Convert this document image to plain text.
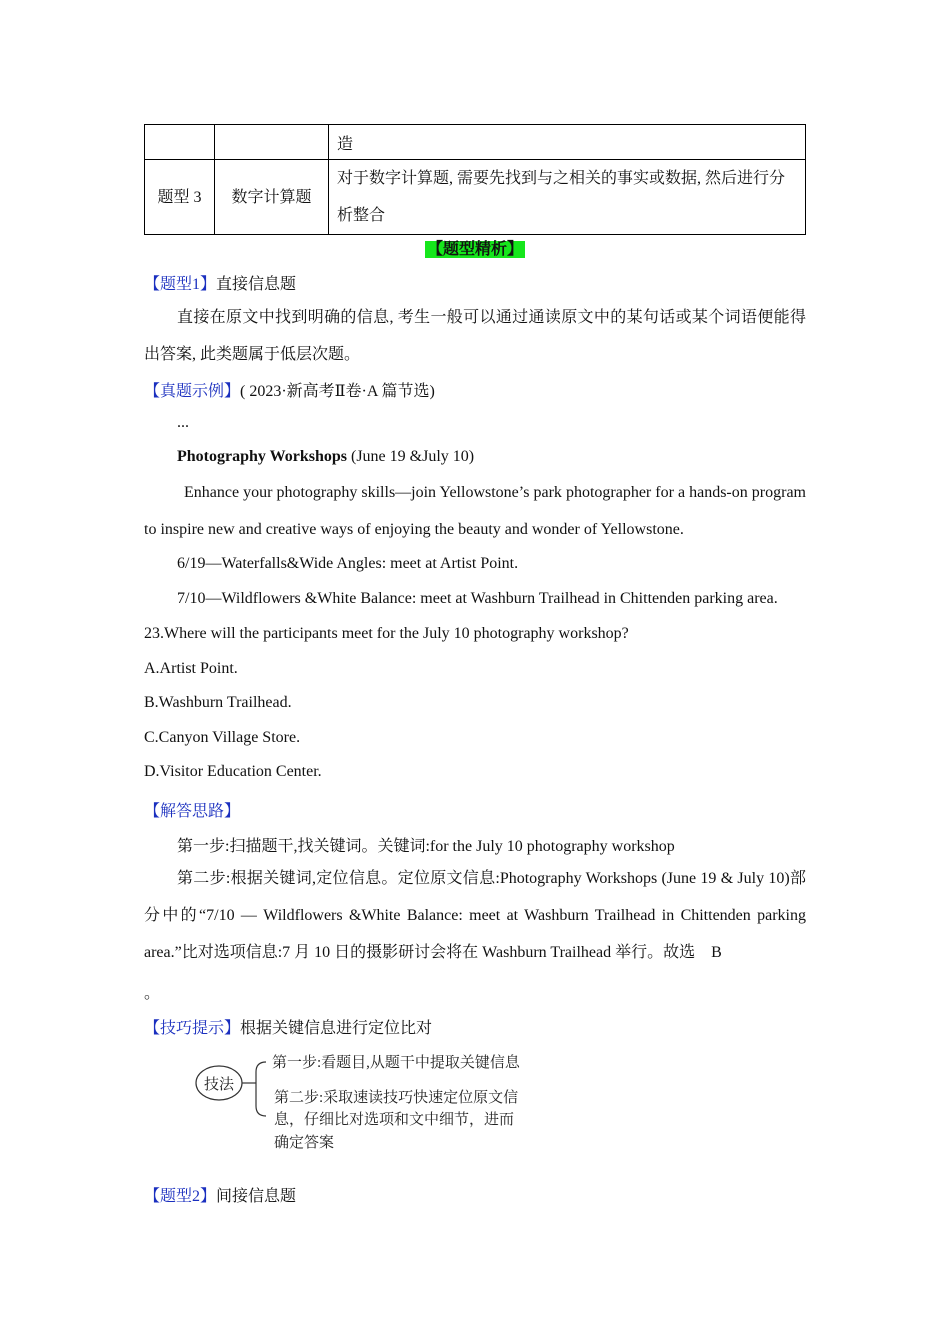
		造
题型 3	数字计算题	对于数字计算题, 需要先找到与之相关的事实或数据, 然后进行分析整合
【题型精析】
【题型1】直接信息题
直接在原文中找到明确的信息, 考生一般可以通过通读原文中的某句话或某个词语便能得出答案, 此类题属于低层次题。
【真题示例】( 2023·新高考Ⅱ卷·A 篇节选)
...
Photography Workshops (June 19 &July 10)
Enhance your photography skills—join Yellowstone’s park photographer for a hands-on program to inspire new and creative ways of enjoying the beauty and wonder of Yellowstone.
6/19—Waterfalls&Wide Angles: meet at Artist Point.
7/10—Wildflowers &White Balance: meet at Washburn Trailhead in Chittenden parking area.
23.Where will the participants meet for the July 10 photography workshop?
A.Artist Point.
B.Washburn Trailhead.
C.Canyon Village Store.
D.Visitor Education Center.
【解答思路】
第一步:扫描题干,找关键词。关键词:for the July 10 photography workshop
第二步:根据关键词,定位信息。定位原文信息:Photography Workshops (June 19 & July 10)部分中的“7/10 — Wildflowers &White Balance: meet at Washburn Trailhead in Chittenden parking area.”比对选项信息:7 月 10 日的摄影研讨会将在 Washburn Trailhead 举行。故选　B
。
【技巧提示】根据关键信息进行定位比对
技法
第一步:看题目,从题干中提取关键信息
第二步:采取速读技巧快速定位原文信
息，仔细比对选项和文中细节，进而
确定答案
【题型2】间接信息题
